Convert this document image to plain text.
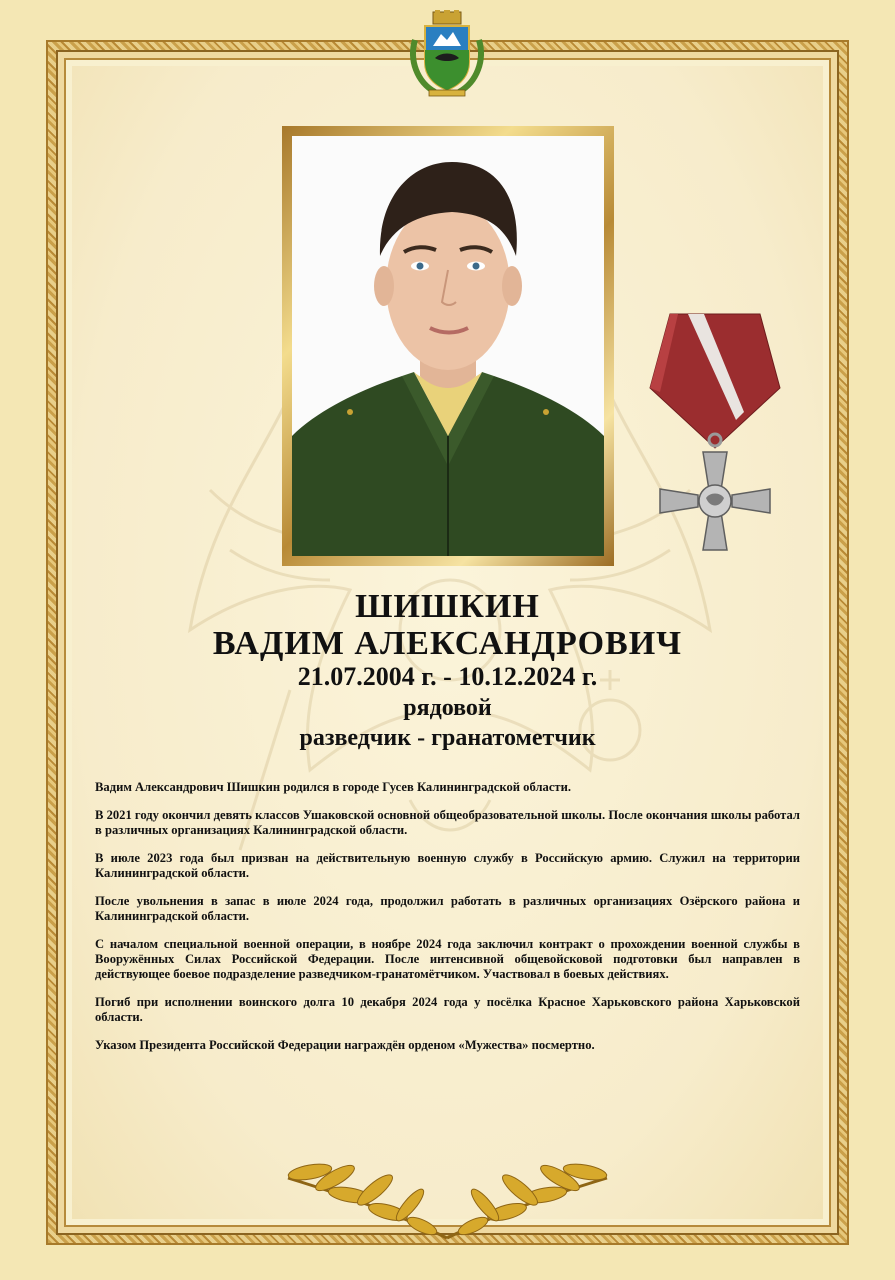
ШИШКИН
ВАДИМ АЛЕКСАНДРОВИЧ
21.07.2004 г. - 10.12.2024 г.
рядовой
разведчик - гранатометчик

Вадим Александрович Шишкин родился в городе Гусев Калининградской области.

В 2021 году окончил девять классов Ушаковской основной общеобразовательной школы. После окончания школы работал в различных организациях Калининградской области.

В июле 2023 года был призван на действительную военную службу в Российскую армию. Служил на территории Калининградской области.

После увольнения в запас в июле 2024 года, продолжил работать в различных организациях Озёрского района и Калининградской области.

С началом специальной военной операции, в ноябре 2024 года заключил контракт о прохождении военной службы в Вооружённых Силах Российской Федерации. После интенсивной общевойсковой подготовки был направлен в действующее боевое подразделение разведчиком-гранатомётчиком. Участвовал в боевых действиях.

Погиб при исполнении воинского долга 10 декабря 2024 года у посёлка Красное Харьковского района Харьковской области.

Указом Президента Российской Федерации награждён орденом «Мужества» посмертно.
